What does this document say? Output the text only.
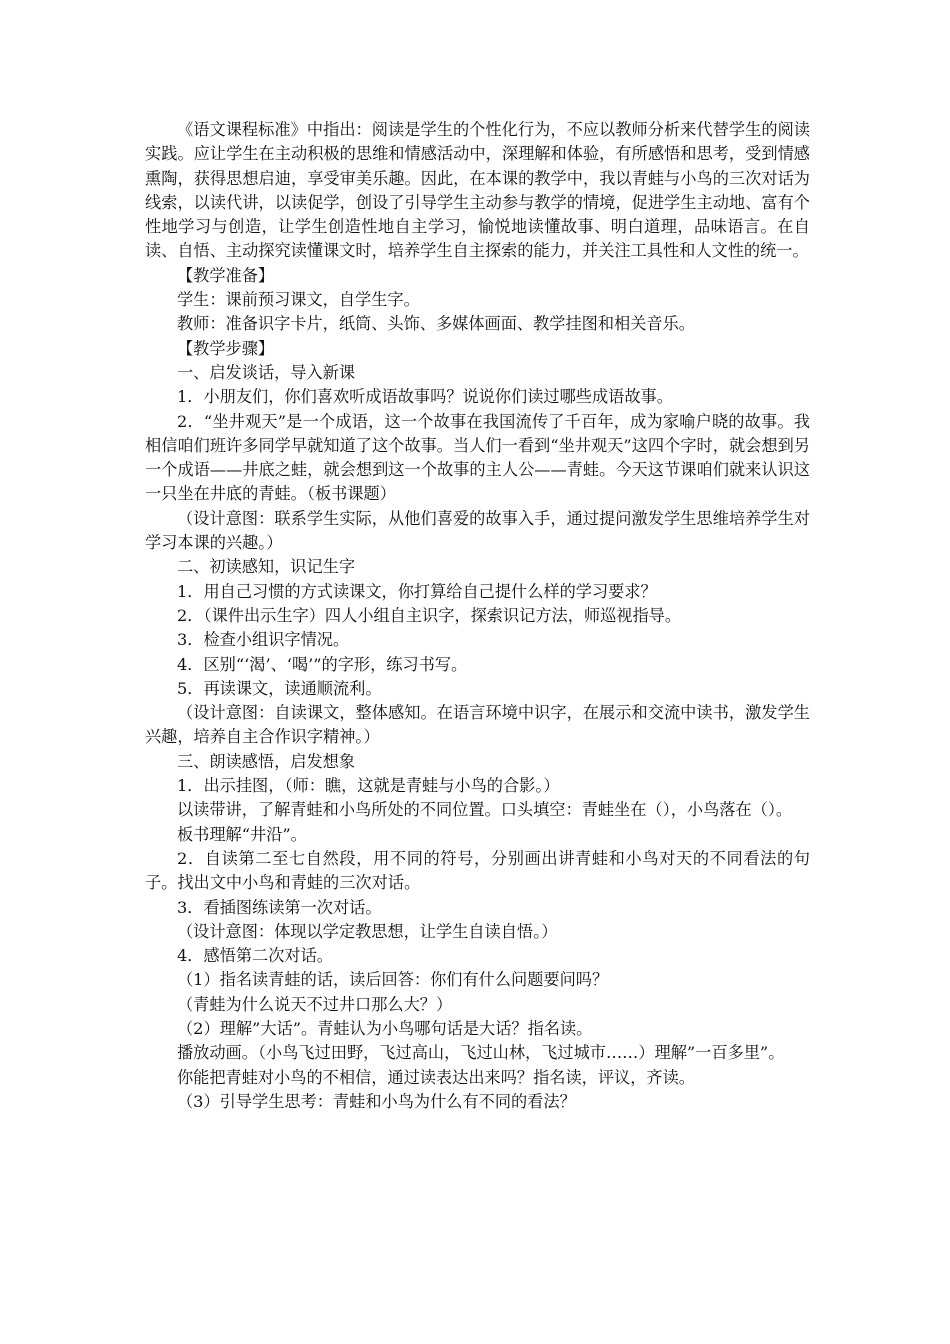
《语文课程标准》中指出：阅读是学生的个性化行为，不应以教师分析来代替学生的阅读实践。应让学生在主动积极的思维和情感活动中，深理解和体验，有所感悟和思考，受到情感熏陶，获得思想启迪，享受审美乐趣。因此，在本课的教学中，我以青蛙与小鸟的三次对话为线索，以读代讲，以读促学，创设了引导学生主动参与教学的情境，促进学生主动地、富有个性地学习与创造，让学生创造性地自主学习，愉悦地读懂故事、明白道理，品味语言。在自读、自悟、主动探究读懂课文时，培养学生自主探索的能力，并关注工具性和人文性的统一。

【教学准备】

学生：课前预习课文，自学生字。

教师：准备识字卡片，纸筒、头饰、多媒体画面、教学挂图和相关音乐。

【教学步骤】

一、启发谈话，导入新课

1．小朋友们，你们喜欢听成语故事吗？说说你们读过哪些成语故事。

2．“坐井观天”是一个成语，这一个故事在我国流传了千百年，成为家喻户晓的故事。我相信咱们班许多同学早就知道了这个故事。当人们一看到“坐井观天”这四个字时，就会想到另一个成语——井底之蛙，就会想到这一个故事的主人公——青蛙。今天这节课咱们就来认识这一只坐在井底的青蛙。（板书课题）

（设计意图：联系学生实际，从他们喜爱的故事入手，通过提问激发学生思维培养学生对学习本课的兴趣。）

二、初读感知，识记生字

1．用自己习惯的方式读课文，你打算给自己提什么样的学习要求？

2．（课件出示生字）四人小组自主识字，探索识记方法，师巡视指导。

3．检查小组识字情况。

4．区别“‘渴’、‘喝’”的字形，练习书写。

5．再读课文，读通顺流利。

（设计意图：自读课文，整体感知。在语言环境中识字，在展示和交流中读书，激发学生兴趣，培养自主合作识字精神。）

三、朗读感悟，启发想象

1．出示挂图，（师：瞧，这就是青蛙与小鸟的合影。）

以读带讲，了解青蛙和小鸟所处的不同位置。口头填空：青蛙坐在（），小鸟落在（）。

板书理解“井沿”。

2．自读第二至七自然段，用不同的符号，分别画出讲青蛙和小鸟对天的不同看法的句子。找出文中小鸟和青蛙的三次对话。

3．看插图练读第一次对话。

（设计意图：体现以学定教思想，让学生自读自悟。）

4．感悟第二次对话。

（1）指名读青蛙的话，读后回答：你们有什么问题要问吗？

（青蛙为什么说天不过井口那么大？）

（2）理解”大话”。青蛙认为小鸟哪句话是大话？指名读。

播放动画。（小鸟飞过田野，飞过高山，飞过山林，飞过城市……）理解”一百多里”。

你能把青蛙对小鸟的不相信，通过读表达出来吗？指名读，评议，齐读。

（3）引导学生思考：青蛙和小鸟为什么有不同的看法？
